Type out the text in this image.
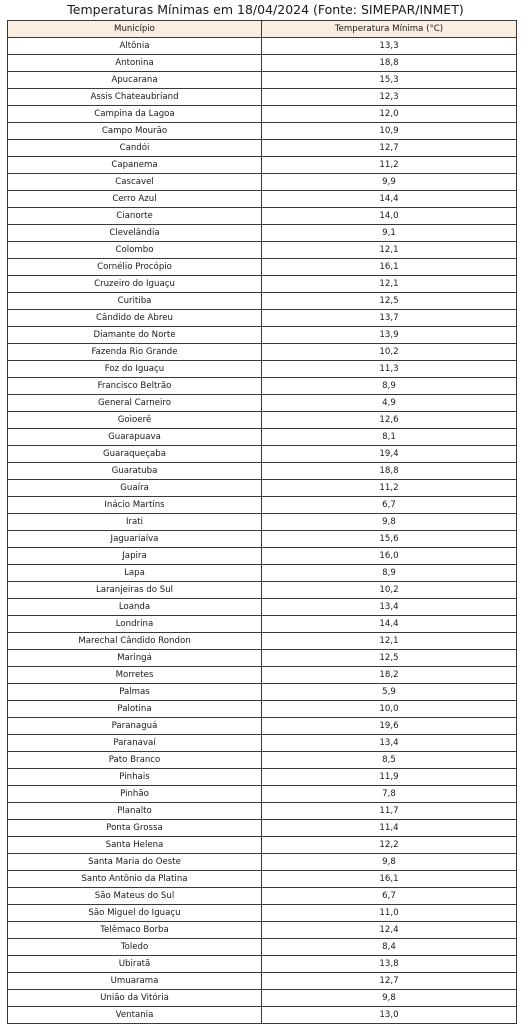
Temperaturas Mínimas em 18/04/2024 (Fonte: SIMEPAR/INMET)
Município	Temperatura Mínima (°C)
Altônia	13,3
Antonina	18,8
Apucarana	15,3
Assis Chateaubriand	12,3
Campina da Lagoa	12,0
Campo Mourão	10,9
Candói	12,7
Capanema	11,2
Cascavel	9,9
Cerro Azul	14,4
Cianorte	14,0
Clevelândia	9,1
Colombo	12,1
Cornélio Procópio	16,1
Cruzeiro do Iguaçu	12,1
Curitiba	12,5
Cândido de Abreu	13,7
Diamante do Norte	13,9
Fazenda Rio Grande	10,2
Foz do Iguaçu	11,3
Francisco Beltrão	8,9
General Carneiro	4,9
Goioerê	12,6
Guarapuava	8,1
Guaraqueçaba	19,4
Guaratuba	18,8
Guaíra	11,2
Inácio Martins	6,7
Irati	9,8
Jaguariaíva	15,6
Japira	16,0
Lapa	8,9
Laranjeiras do Sul	10,2
Loanda	13,4
Londrina	14,4
Marechal Cândido Rondon	12,1
Maringá	12,5
Morretes	18,2
Palmas	5,9
Palotina	10,0
Paranaguá	19,6
Paranavaí	13,4
Pato Branco	8,5
Pinhais	11,9
Pinhão	7,8
Planalto	11,7
Ponta Grossa	11,4
Santa Helena	12,2
Santa Maria do Oeste	9,8
Santo Antônio da Platina	16,1
São Mateus do Sul	6,7
São Miguel do Iguaçu	11,0
Telêmaco Borba	12,4
Toledo	8,4
Ubiratã	13,8
Umuarama	12,7
União da Vitória	9,8
Ventania	13,0
